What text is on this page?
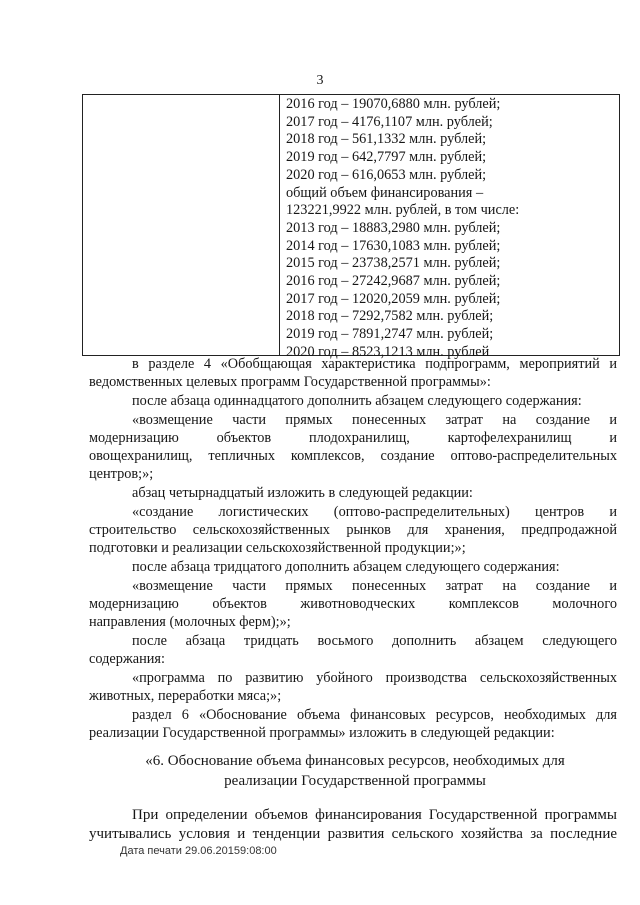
3
2016 год – 19070,6880 млн. рублей;
2017 год – 4176,1107 млн. рублей;
2018 год – 561,1332 млн. рублей;
2019 год – 642,7797 млн. рублей;
2020 год – 616,0653 млн. рублей;
общий объем финансирования –
123221,9922 млн. рублей, в том числе:
2013 год – 18883,2980 млн. рублей;
2014 год – 17630,1083 млн. рублей;
2015 год – 23738,2571 млн. рублей;
2016 год – 27242,9687 млн. рублей;
2017 год – 12020,2059 млн. рублей;
2018 год – 7292,7582 млн. рублей;
2019 год – 7891,2747 млн. рублей;
2020 год – 8523,1213 млн. рублей
в разделе 4 «Обобщающая характеристика подпрограмм, мероприятий и
ведомственных целевых программ Государственной программы»:
после абзаца одиннадцатого дополнить абзацем следующего содержания:
«возмещение части прямых понесенных затрат на создание и
модернизацию объектов плодохранилищ, картофелехранилищ и
овощехранилищ, тепличных комплексов, создание оптово-распределительных
центров;»;
абзац четырнадцатый изложить в следующей редакции:
«создание логистических (оптово-распределительных) центров и
строительство сельскохозяйственных рынков для хранения, предпродажной
подготовки и реализации сельскохозяйственной продукции;»;
после абзаца тридцатого дополнить абзацем следующего содержания:
«возмещение части прямых понесенных затрат на создание и
модернизацию объектов животноводческих комплексов молочного
направления (молочных ферм);»;
после абзаца тридцать восьмого дополнить абзацем следующего
содержания:
«программа по развитию убойного производства сельскохозяйственных
животных, переработки мяса;»;
раздел 6 «Обоснование объема финансовых ресурсов, необходимых для
реализации Государственной программы» изложить в следующей редакции:
«6. Обоснование объема финансовых ресурсов, необходимых для
реализации Государственной программы
При определении объемов финансирования Государственной программы
учитывались условия и тенденции развития сельского хозяйства за последние
Дата печати 29.06.20159:08:00
